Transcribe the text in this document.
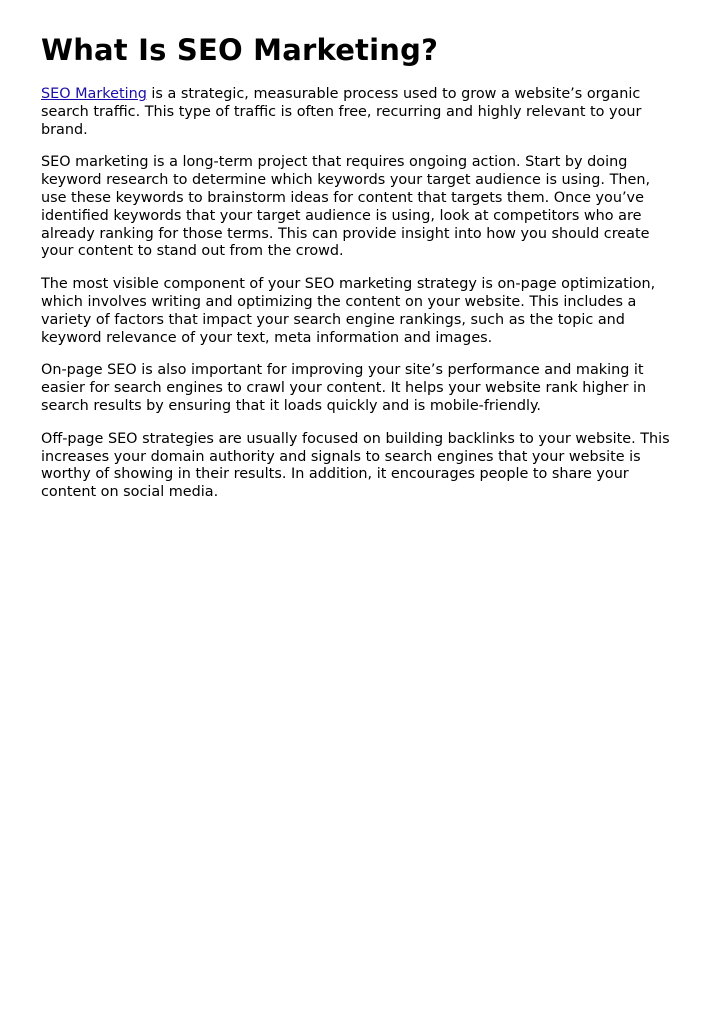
What Is SEO Marketing?

SEO Marketing is a strategic, measurable process used to grow a website’s organic search traffic. This type of traffic is often free, recurring and highly relevant to your brand.

SEO marketing is a long-term project that requires ongoing action. Start by doing keyword research to determine which keywords your target audience is using. Then, use these keywords to brainstorm ideas for content that targets them. Once you’ve identified keywords that your target audience is using, look at competitors who are already ranking for those terms. This can provide insight into how you should create your content to stand out from the crowd.

The most visible component of your SEO marketing strategy is on-page optimization, which involves writing and optimizing the content on your website. This includes a variety of factors that impact your search engine rankings, such as the topic and keyword relevance of your text, meta information and images.

On-page SEO is also important for improving your site’s performance and making it easier for search engines to crawl your content. It helps your website rank higher in search results by ensuring that it loads quickly and is mobile-friendly.

Off-page SEO strategies are usually focused on building backlinks to your website. This increases your domain authority and signals to search engines that your website is worthy of showing in their results. In addition, it encourages people to share your content on social media.
